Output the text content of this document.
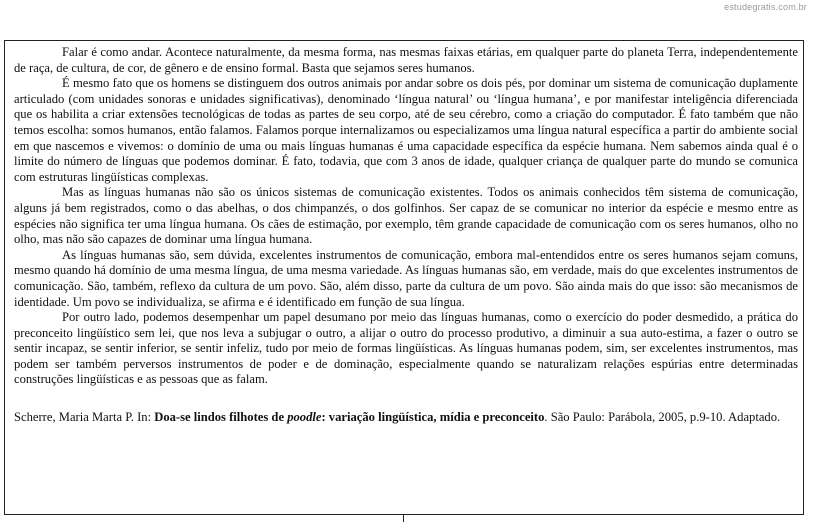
estudegratis.com.br

Falar é como andar. Acontece naturalmente, da mesma forma, nas mesmas faixas etárias, em qualquer parte do planeta Terra, independentemente de raça, de cultura, de cor, de gênero e de ensino formal. Basta que sejamos seres humanos.

É mesmo fato que os homens se distinguem dos outros animais por andar sobre os dois pés, por dominar um sistema de comunicação duplamente articulado (com unidades sonoras e unidades significativas), denominado ‘língua natural’ ou ‘língua humana’, e por manifestar inteligência diferenciada que os habilita a criar extensões tecnológicas de todas as partes de seu corpo, até de seu cérebro, como a criação do computador. É fato também que não temos escolha: somos humanos, então falamos. Falamos porque internalizamos ou especializamos uma língua natural específica a partir do ambiente social em que nascemos e vivemos: o domínio de uma ou mais línguas humanas é uma capacidade específica da espécie humana. Nem sabemos ainda qual é o limite do número de línguas que podemos dominar. É fato, todavia, que com 3 anos de idade, qualquer criança de qualquer parte do mundo se comunica com estruturas lingüísticas complexas.

Mas as línguas humanas não são os únicos sistemas de comunicação existentes. Todos os animais conhecidos têm sistema de comunicação, alguns já bem registrados, como o das abelhas, o dos chimpanzés, o dos golfinhos. Ser capaz de se comunicar no interior da espécie e mesmo entre as espécies não significa ter uma língua humana. Os cães de estimação, por exemplo, têm grande capacidade de comunicação com os seres humanos, olho no olho, mas não são capazes de dominar uma língua humana.

As línguas humanas são, sem dúvida, excelentes instrumentos de comunicação, embora mal-entendidos entre os seres humanos sejam comuns, mesmo quando há domínio de uma mesma língua, de uma mesma variedade. As línguas humanas são, em verdade, mais do que excelentes instrumentos de comunicação. São, também, reflexo da cultura de um povo. São, além disso, parte da cultura de um povo. São ainda mais do que isso: são mecanismos de identidade. Um povo se individualiza, se afirma e é identificado em função de sua língua.

Por outro lado, podemos desempenhar um papel desumano por meio das línguas humanas, como o exercício do poder desmedido, a prática do preconceito lingüístico sem lei, que nos leva a subjugar o outro, a alijar o outro do processo produtivo, a diminuir a sua auto-estima, a fazer o outro se sentir incapaz, se sentir inferior, se sentir infeliz, tudo por meio de formas lingüísticas. As línguas humanas podem, sim, ser excelentes instrumentos, mas podem ser também perversos instrumentos de poder e de dominação, especialmente quando se naturalizam relações espúrias entre determinadas construções lingüísticas e as pessoas que as falam.

Scherre, Maria Marta P. In: Doa-se lindos filhotes de poodle: variação lingüística, mídia e preconceito. São Paulo: Parábola, 2005, p.9-10. Adaptado.
